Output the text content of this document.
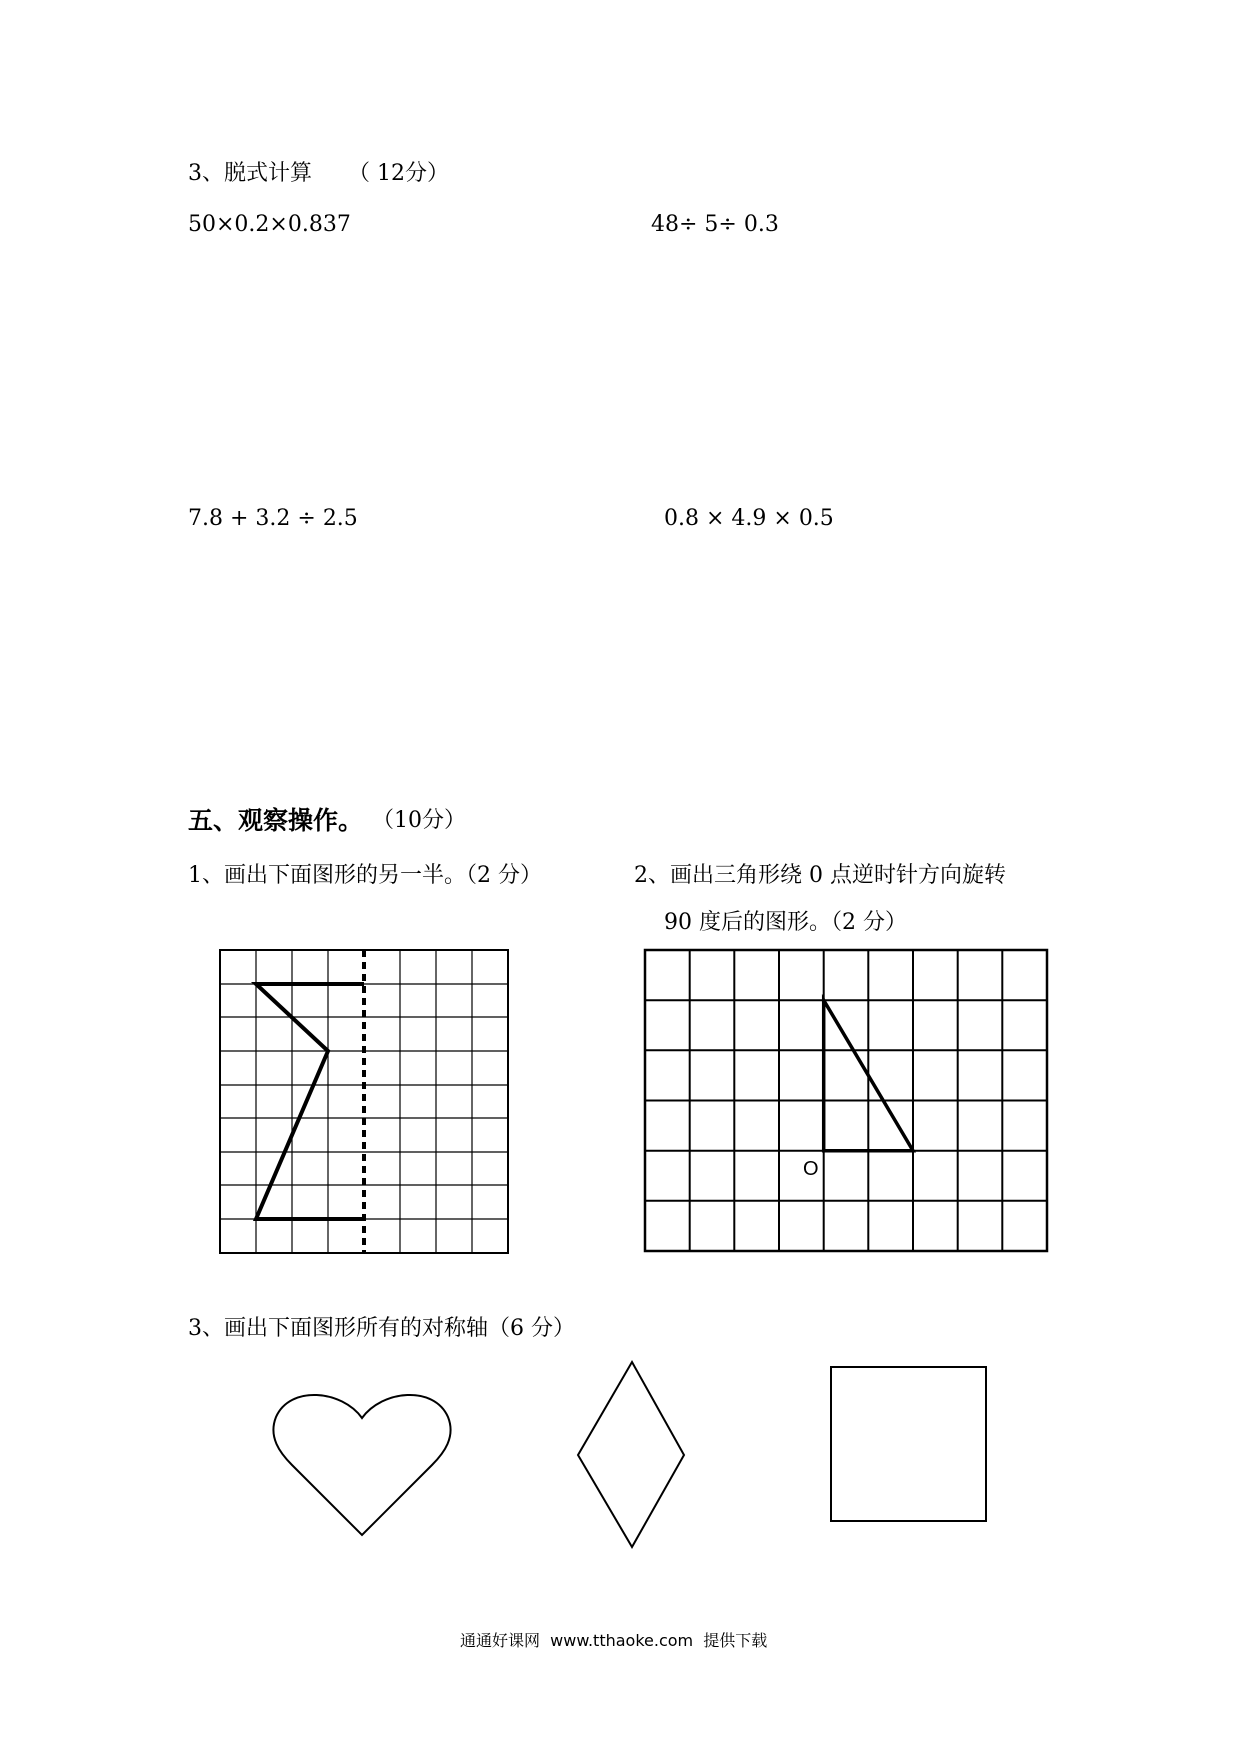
3、脱式计算 （ 12分）
50×0.2×0.837	48÷ 5÷ 0.3
7.8 + 3.2 ÷ 2.5	0.8 × 4.9 × 0.5
五、观察操作。 （10分）
1、画出下面图形的另一半。（2 分）	2、画出三角形绕 0 点逆时针方向旋转
90 度后的图形。（2 分）
O
3、画出下面图形所有的对称轴（6 分）
通通好课网  www.tthaoke.com  提供下载
